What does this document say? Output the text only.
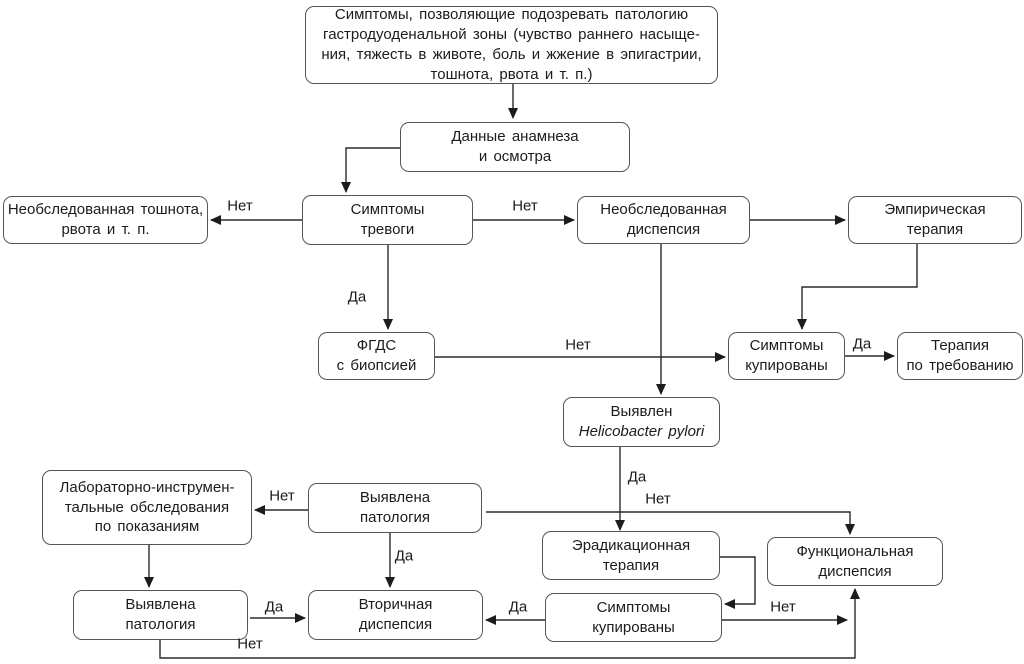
Симптомы, позволяющие подозревать патологию
гастродуоденальной зоны (чувство раннего насыще-
ния, тяжесть в животе, боль и жжение в эпигастрии,
тошнота, рвота и т. п.)
Данные анамнеза
и осмотра
Необследованная тошнота,
рвота и т. п.
Симптомы
тревоги
Необследованная
диспепсия
Эмпирическая
терапия
ФГДС
с биопсией
Симптомы
купированы
Терапия
по требованию
Выявлен
Helicobacter pylori
Лабораторно-инструмен-
тальные обследования
по показаниям
Выявлена
патология
Эрадикационная
терапия
Функциональная
диспепсия
Выявлена
патология
Вторичная
диспепсия
Симптомы
купированы
Нет	Нет
Да
Нет	Да
Да
Нет
Нет
Да
Да	Да	Нет
Нет
